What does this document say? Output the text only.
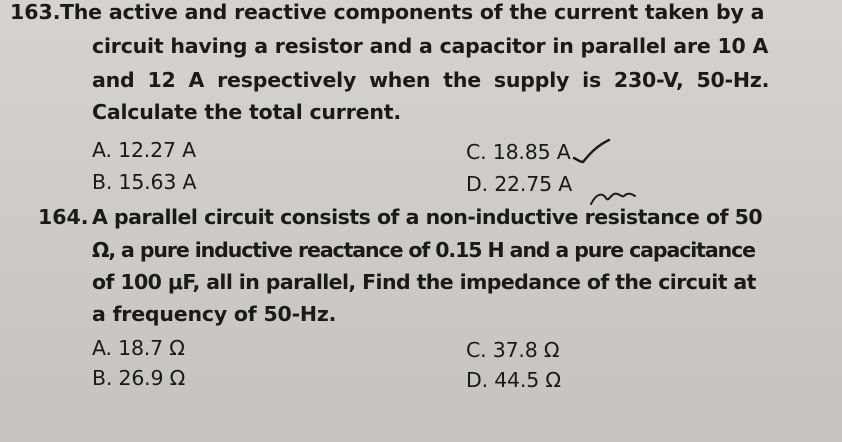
163. The active and reactive components of the current taken by a
circuit having a resistor and a capacitor in parallel are 10 A
and 12 A respectively when the supply is 230-V, 50-Hz.
Calculate the total current.
A. 12.27 A
B. 15.63 A
C. 18.85 A
D. 22.75 A
164. A parallel circuit consists of a non-inductive resistance of 50
Ω, a pure inductive reactance of 0.15 H and a pure capacitance
of 100 μF, all in parallel, Find the impedance of the circuit at
a frequency of 50-Hz.
A. 18.7 Ω
B. 26.9 Ω
C. 37.8 Ω
D. 44.5 Ω
